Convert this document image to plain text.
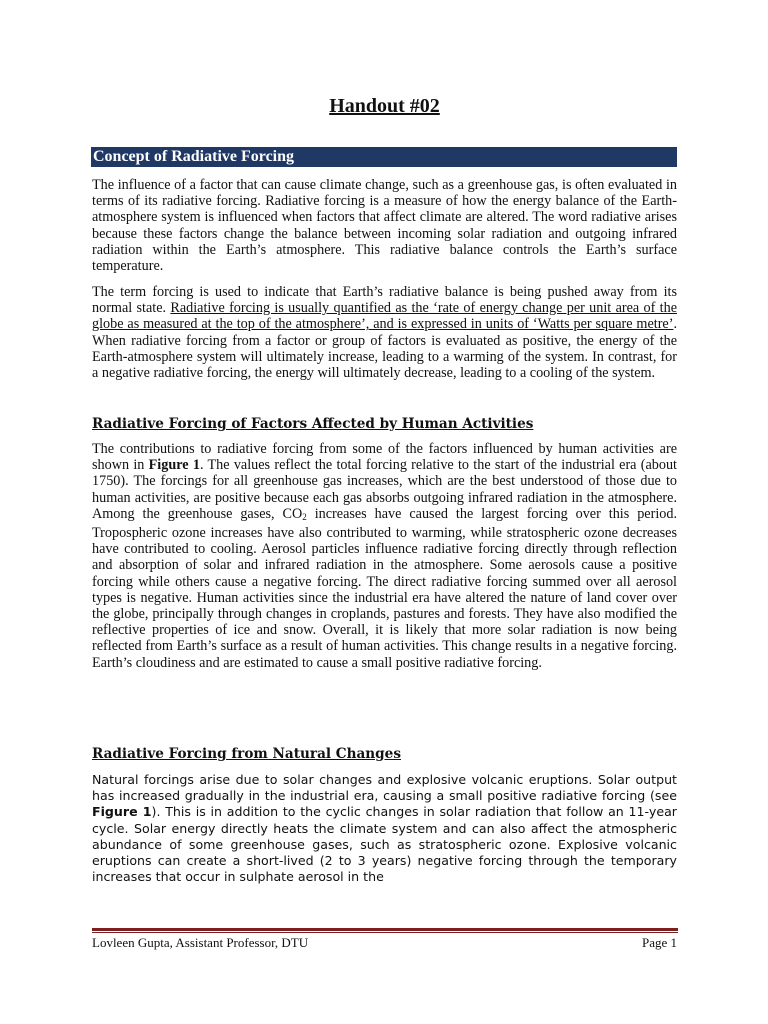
Handout #02
Concept of Radiative Forcing

The influence of a factor that can cause climate change, such as a greenhouse gas, is often evaluated in terms of its radiative forcing. Radiative forcing is a measure of how the energy balance of the Earth-atmosphere system is influenced when factors that affect climate are altered. The word radiative arises because these factors change the balance between incoming solar radiation and outgoing infrared radiation within the Earth’s atmosphere. This radiative balance controls the Earth’s surface temperature.

The term forcing is used to indicate that Earth’s radiative balance is being pushed away from its normal state. Radiative forcing is usually quantified as the ‘rate of energy change per unit area of the globe as measured at the top of the atmosphere’, and is expressed in units of ‘Watts per square metre’. When radiative forcing from a factor or group of factors is evaluated as positive, the energy of the Earth-atmosphere system will ultimately increase, leading to a warming of the system. In contrast, for a negative radiative forcing, the energy will ultimately decrease, leading to a cooling of the system.

Radiative Forcing of Factors Affected by Human Activities

The contributions to radiative forcing from some of the factors influenced by human activities are shown in Figure 1. The values reflect the total forcing relative to the start of the industrial era (about 1750). The forcings for all greenhouse gas increases, which are the best understood of those due to human activities, are positive because each gas absorbs outgoing infrared radiation in the atmosphere. Among the greenhouse gases, $CO_2$ increases have caused the largest forcing over this period. Tropospheric ozone increases have also contributed to warming, while stratospheric ozone decreases have contributed to cooling. Aerosol particles influence radiative forcing directly through reflection and absorption of solar and infrared radiation in the atmosphere. Some aerosols cause a positive forcing while others cause a negative forcing. The direct radiative forcing summed over all aerosol types is negative. Human activities since the industrial era have altered the nature of land cover over the globe, principally through changes in croplands, pastures and forests. They have also modified the reflective properties of ice and snow. Overall, it is likely that more solar radiation is now being reflected from Earth’s surface as a result of human activities. This change results in a negative forcing. Earth’s cloudiness and are estimated to cause a small positive radiative forcing.

Radiative Forcing from Natural Changes

Natural forcings arise due to solar changes and explosive volcanic eruptions. Solar output has increased gradually in the industrial era, causing a small positive radiative forcing (see Figure 1). This is in addition to the cyclic changes in solar radiation that follow an 11-year cycle. Solar energy directly heats the climate system and can also affect the atmospheric abundance of some greenhouse gases, such as stratospheric ozone. Explosive volcanic eruptions can create a short-lived (2 to 3 years) negative forcing through the temporary increases that occur in sulphate aerosol in the

Lovleen Gupta, Assistant Professor, DTU	Page 1
